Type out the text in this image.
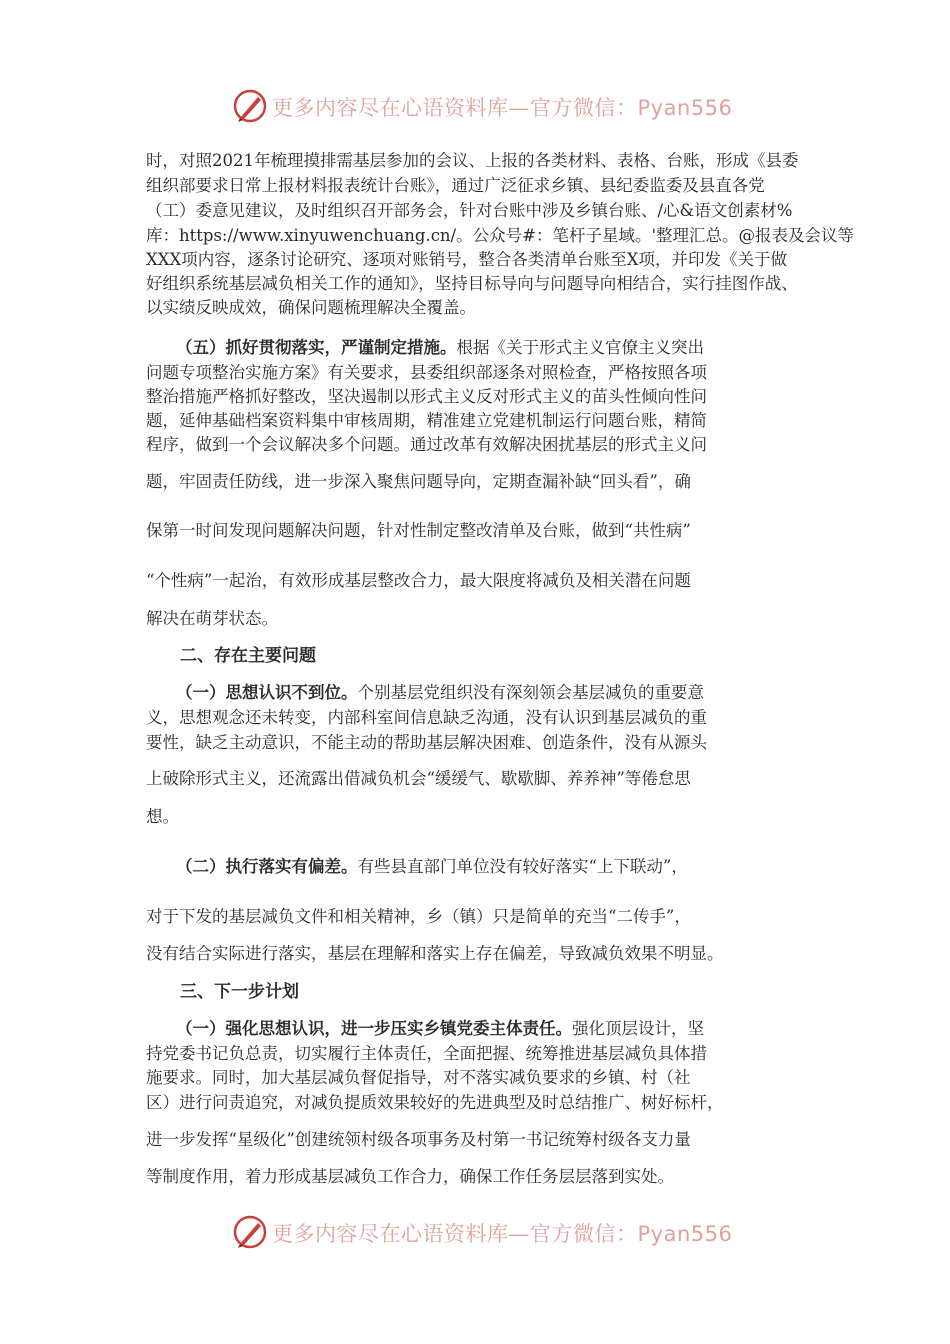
更多内容尽在心语资料库—官方微信：Pyan556
时，对照2021年梳理摸排需基层参加的会议、上报的各类材料、表格、台账，形成《县委
组织部要求日常上报材料报表统计台账》，通过广泛征求乡镇、县纪委监委及县直各党
（工）委意见建议，及时组织召开部务会，针对台账中涉及乡镇台账、/心&语文创素材%
库：https://www.xinyuwenchuang.cn/。公众号#：笔杆子星域。'整理汇总。@报表及会议等
XXX项内容，逐条讨论研究、逐项对账销号，整合各类清单台账至X项，并印发《关于做
好组织系统基层减负相关工作的通知》，坚持目标导向与问题导向相结合，实行挂图作战、
以实绩反映成效，确保问题梳理解决全覆盖。
（五）抓好贯彻落实，严谨制定措施。根据《关于形式主义官僚主义突出
问题专项整治实施方案》有关要求，县委组织部逐条对照检查，严格按照各项
整治措施严格抓好整改，坚决遏制以形式主义反对形式主义的苗头性倾向性问
题，延伸基础档案资料集中审核周期，精准建立党建机制运行问题台账，精简
程序，做到一个会议解决多个问题。通过改革有效解决困扰基层的形式主义问
题，牢固责任防线，进一步深入聚焦问题导向，定期查漏补缺“回头看”，确
保第一时间发现问题解决问题，针对性制定整改清单及台账，做到“共性病”
“个性病”一起治，有效形成基层整改合力，最大限度将减负及相关潜在问题
解决在萌芽状态。
二、存在主要问题
（一）思想认识不到位。个别基层党组织没有深刻领会基层减负的重要意
义，思想观念还未转变，内部科室间信息缺乏沟通，没有认识到基层减负的重
要性，缺乏主动意识，不能主动的帮助基层解决困难、创造条件，没有从源头
上破除形式主义，还流露出借减负机会“缓缓气、歇歇脚、养养神”等倦怠思
想。
（二）执行落实有偏差。有些县直部门单位没有较好落实“上下联动”，
对于下发的基层减负文件和相关精神，乡（镇）只是简单的充当“二传手”，
没有结合实际进行落实，基层在理解和落实上存在偏差，导致减负效果不明显。
三、下一步计划
（一）强化思想认识，进一步压实乡镇党委主体责任。强化顶层设计，坚
持党委书记负总责，切实履行主体责任，全面把握、统筹推进基层减负具体措
施要求。同时，加大基层减负督促指导，对不落实减负要求的乡镇、村（社
区）进行问责追究，对减负提质效果较好的先进典型及时总结推广、树好标杆，
进一步发挥“星级化”创建统领村级各项事务及村第一书记统筹村级各支力量
等制度作用，着力形成基层减负工作合力，确保工作任务层层落到实处。
更多内容尽在心语资料库—官方微信：Pyan556
